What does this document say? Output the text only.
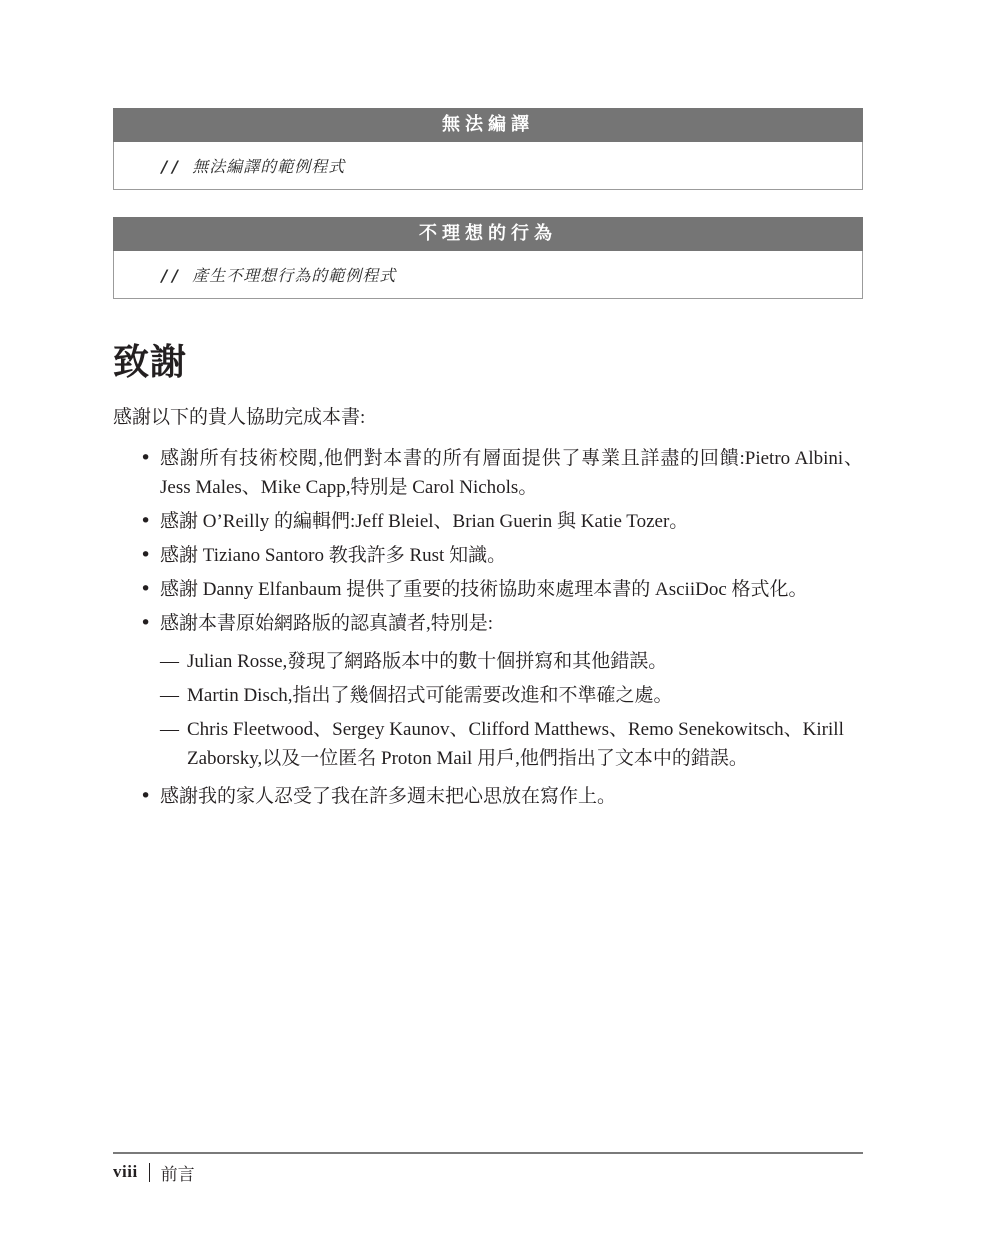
無法編譯
// 無法編譯的範例程式
不理想的行為
// 產生不理想行為的範例程式
致謝

感謝以下的貴人協助完成本書:

• 感謝所有技術校閱,他們對本書的所有層面提供了專業且詳盡的回饋:Pietro Albini、Jess Males、Mike Capp,特別是 Carol Nichols。
• 感謝 O’Reilly 的編輯們:Jeff Bleiel、Brian Guerin 與 Katie Tozer。
• 感謝 Tiziano Santoro 教我許多 Rust 知識。
• 感謝 Danny Elfanbaum 提供了重要的技術協助來處理本書的 AsciiDoc 格式化。
• 感謝本書原始網路版的認真讀者,特別是:
— Julian Rosse,發現了網路版本中的數十個拼寫和其他錯誤。
— Martin Disch,指出了幾個招式可能需要改進和不準確之處。
— Chris Fleetwood、Sergey Kaunov、Clifford Matthews、Remo Senekowitsch、Kirill Zaborsky,以及一位匿名 Proton Mail 用戶,他們指出了文本中的錯誤。
• 感謝我的家人忍受了我在許多週末把心思放在寫作上。
viii 前言
